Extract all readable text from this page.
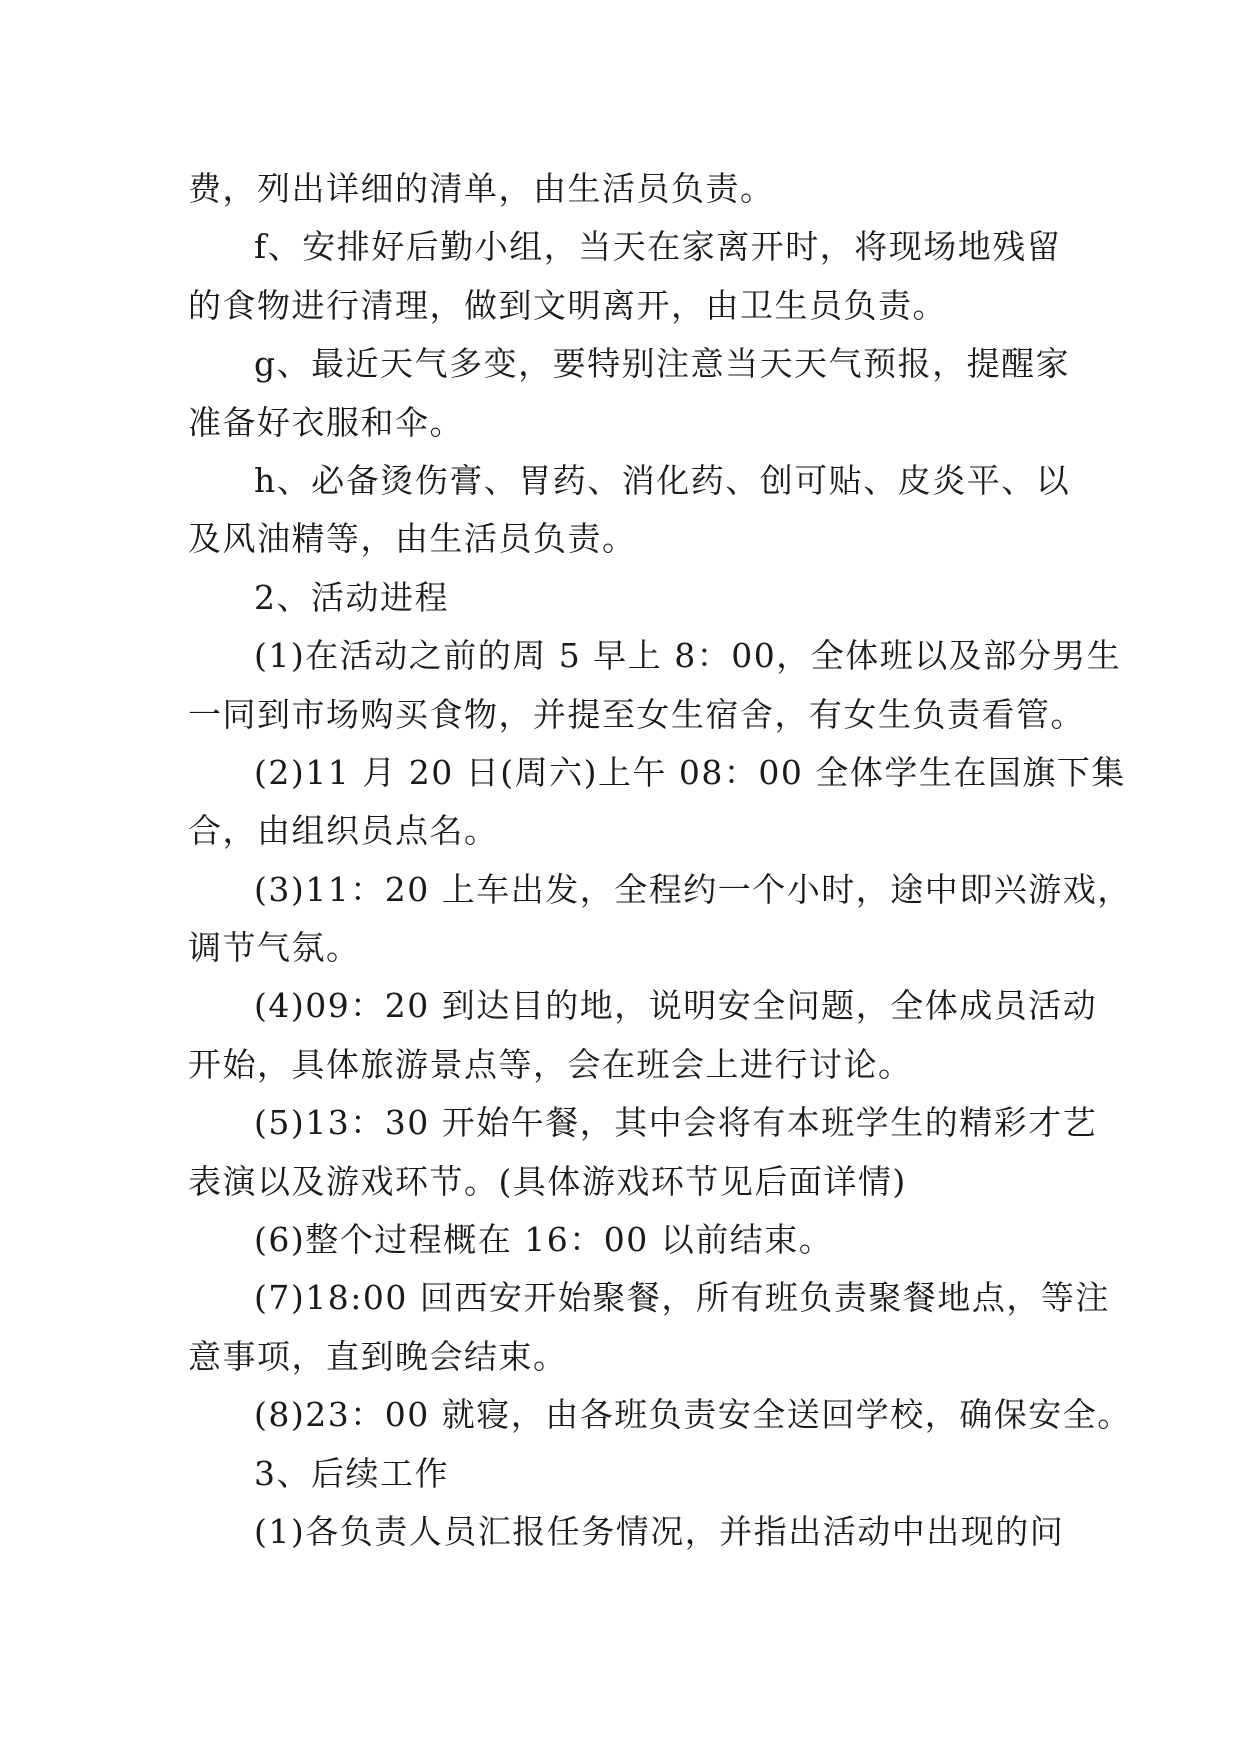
费，列出详细的清单，由生活员负责。

f、安排好后勤小组，当天在家离开时，将现场地残留

的食物进行清理，做到文明离开，由卫生员负责。

g、最近天气多变，要特别注意当天天气预报，提醒家

准备好衣服和伞。

h、必备烫伤膏、胃药、消化药、创可贴、皮炎平、以

及风油精等，由生活员负责。

2、活动进程

(1)在活动之前的周 5 早上 8：00，全体班以及部分男生

一同到市场购买食物，并提至女生宿舍，有女生负责看管。

(2)11 月 20 日(周六)上午 08：00 全体学生在国旗下集

合，由组织员点名。

(3)11：20 上车出发，全程约一个小时，途中即兴游戏，

调节气氛。

(4)09：20 到达目的地，说明安全问题，全体成员活动

开始，具体旅游景点等，会在班会上进行讨论。

(5)13：30 开始午餐，其中会将有本班学生的精彩才艺

表演以及游戏环节。(具体游戏环节见后面详情)

(6)整个过程概在 16：00 以前结束。

(7)18:00 回西安开始聚餐，所有班负责聚餐地点，等注

意事项，直到晚会结束。

(8)23：00 就寝，由各班负责安全送回学校，确保安全。

3、后续工作

(1)各负责人员汇报任务情况，并指出活动中出现的问
